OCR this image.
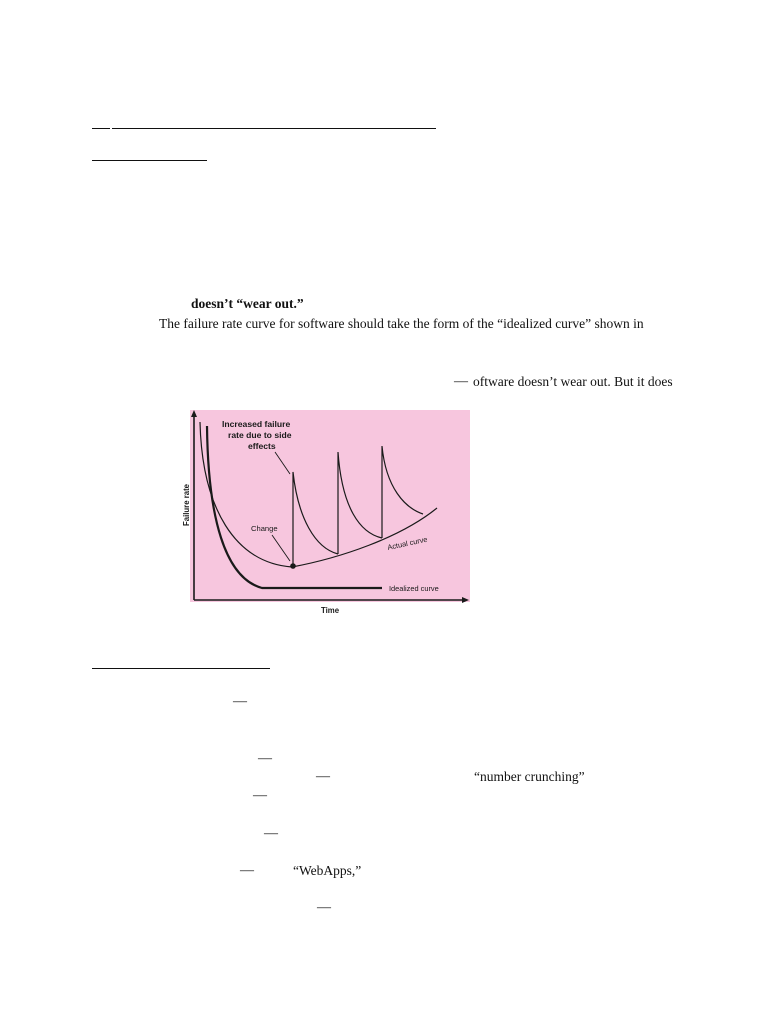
doesn’t “wear out.”
The failure rate curve for software should take the form of the “idealized curve” shown in
— oftware doesn’t wear out. But it does
Increased failure
rate due to side
effects
Change
Actual curve
Idealized curve
Time
Failure rate
—
—
—	“number crunching”
—
—
—	“WebApps,”
—
